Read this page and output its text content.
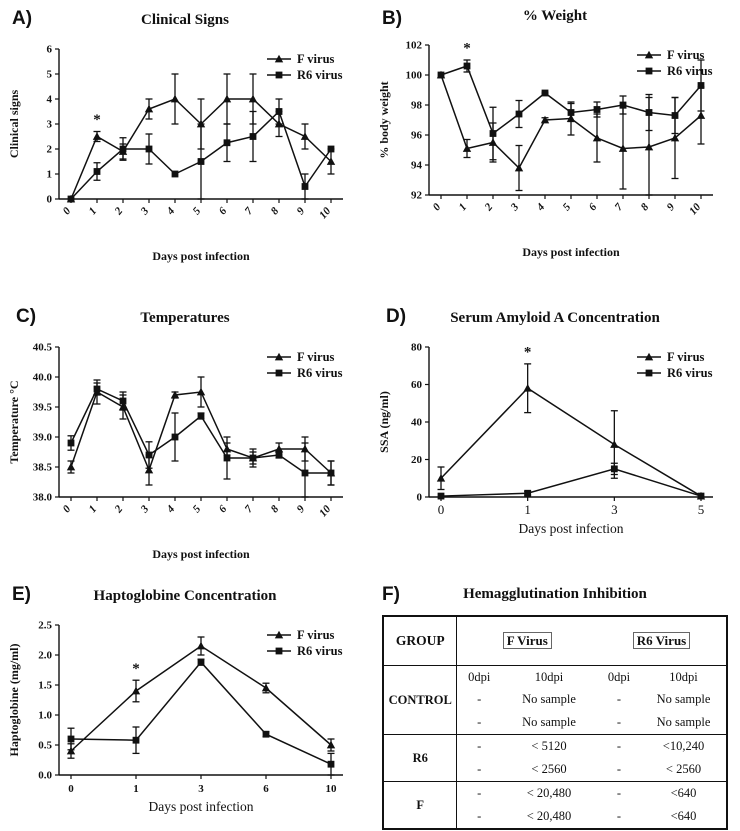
A)	Clinical Signs
0
1
2
3
4
5
6
0 1 2 3 4 5 6 7 8 9 10
Clinical signs
Days post infection
*
F virus
R6 virus
B)	% Weight
92
94
96
98
100
102
0 1 2 3 4 5 6 7 8 9 10
% body weight
Days post infection
*	F virus
R6 virus
C)	Temperatures
38.0
38.5
39.0
39.5
40.0
40.5
0 1 2 3 4 5 6 7 8 9 10
Temperature °C
Days post infection
F virus
R6 virus
D)	Serum Amyloid A Concentration
0
20
40
60
80
0	1	3	5
SSA (ng/ml)
Days post infection
*	F virus
R6 virus
E)	Haptoglobine Concentration
0.0
0.5
1.0
1.5
2.0
2.5
0	1	3	6	10
Haptoglobine (mg/ml)
Days post infection
*
F virus
R6 virus
F)	Hemagglutination Inhibition
GROUP	F Virus		R6 Virus	
CONTROL	0dpi	10dpi	0dpi	10dpi
	-	No sample	-	No sample
	-	No sample	-	No sample
R6	-	< 5120	-	<10,240
	-	< 2560	-	< 2560
F	-	< 20,480	-	<640
	-	< 20,480	-	<640
